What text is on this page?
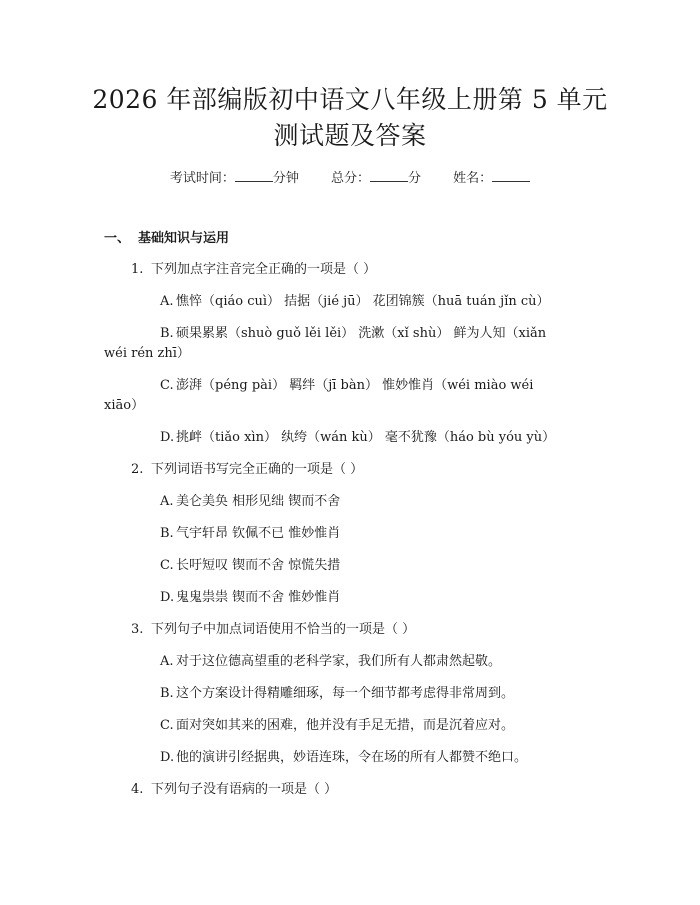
2026 年部编版初中语文八年级上册第 5 单元
测试题及答案
考试时间：	分钟 总分：	分 姓名：
一、 基础知识与运用
1. 下列加点字注音完全正确的一项是（ ）
A. 憔悴（qiáo cuì） 拮据（jié jū） 花团锦簇（huā tuán jǐn cù）
B. 硕果累累（shuò guǒ lěi lěi） 洗漱（xǐ shù） 鲜为人知（xiǎn
wéi rén zhī）
C. 澎湃（péng pài） 羁绊（jī bàn） 惟妙惟肖（wéi miào wéi
xiāo）
D. 挑衅（tiǎo xìn） 纨绔（wán kù） 毫不犹豫（háo bù yóu yù）
2. 下列词语书写完全正确的一项是（ ）
A. 美仑美奂 相形见绌 锲而不舍
B. 气宇轩昂 钦佩不已 惟妙惟肖
C. 长吁短叹 锲而不舍 惊慌失措
D. 鬼鬼祟祟 锲而不舍 惟妙惟肖
3. 下列句子中加点词语使用不恰当的一项是（ ）
A. 对于这位德高望重的老科学家，我们所有人都肃然起敬。
B. 这个方案设计得精雕细琢，每一个细节都考虑得非常周到。
C. 面对突如其来的困难，他并没有手足无措，而是沉着应对。
D. 他的演讲引经据典，妙语连珠，令在场的所有人都赞不绝口。
4. 下列句子没有语病的一项是（ ）
